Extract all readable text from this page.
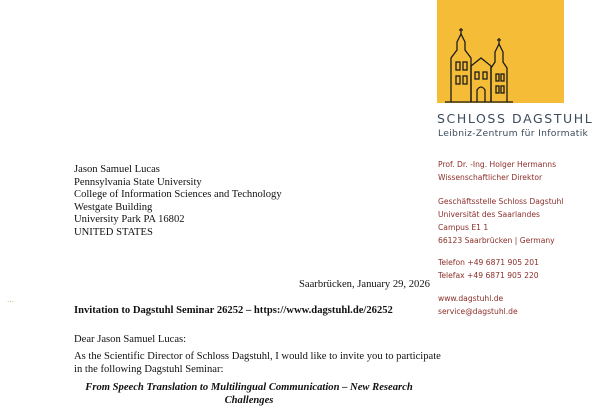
SCHLOSS DAGSTUHL
Leibniz-Zentrum für Informatik
Prof. Dr. -Ing. Holger Hermanns
Wissenschaftlicher Direktor
Geschäftsstelle Schloss Dagstuhl
Universität des Saarlandes
Campus E1 1
66123 Saarbrücken | Germany
Telefon +49 6871 905 201
Telefax +49 6871 905 220
www.dagstuhl.de
service@dagstuhl.de
Jason Samuel Lucas
Pennsylvania State University
College of Information Sciences and Technology
Westgate Building
University Park PA 16802
UNITED STATES
Saarbrücken, January 29, 2026
…
Invitation to Dagstuhl Seminar 26252 – https://www.dagstuhl.de/26252
Dear Jason Samuel Lucas:
As the Scientific Director of Schloss Dagstuhl, I would like to invite you to participate in the following Dagstuhl Seminar:
From Speech Translation to Multilingual Communication – New Research Challenges
